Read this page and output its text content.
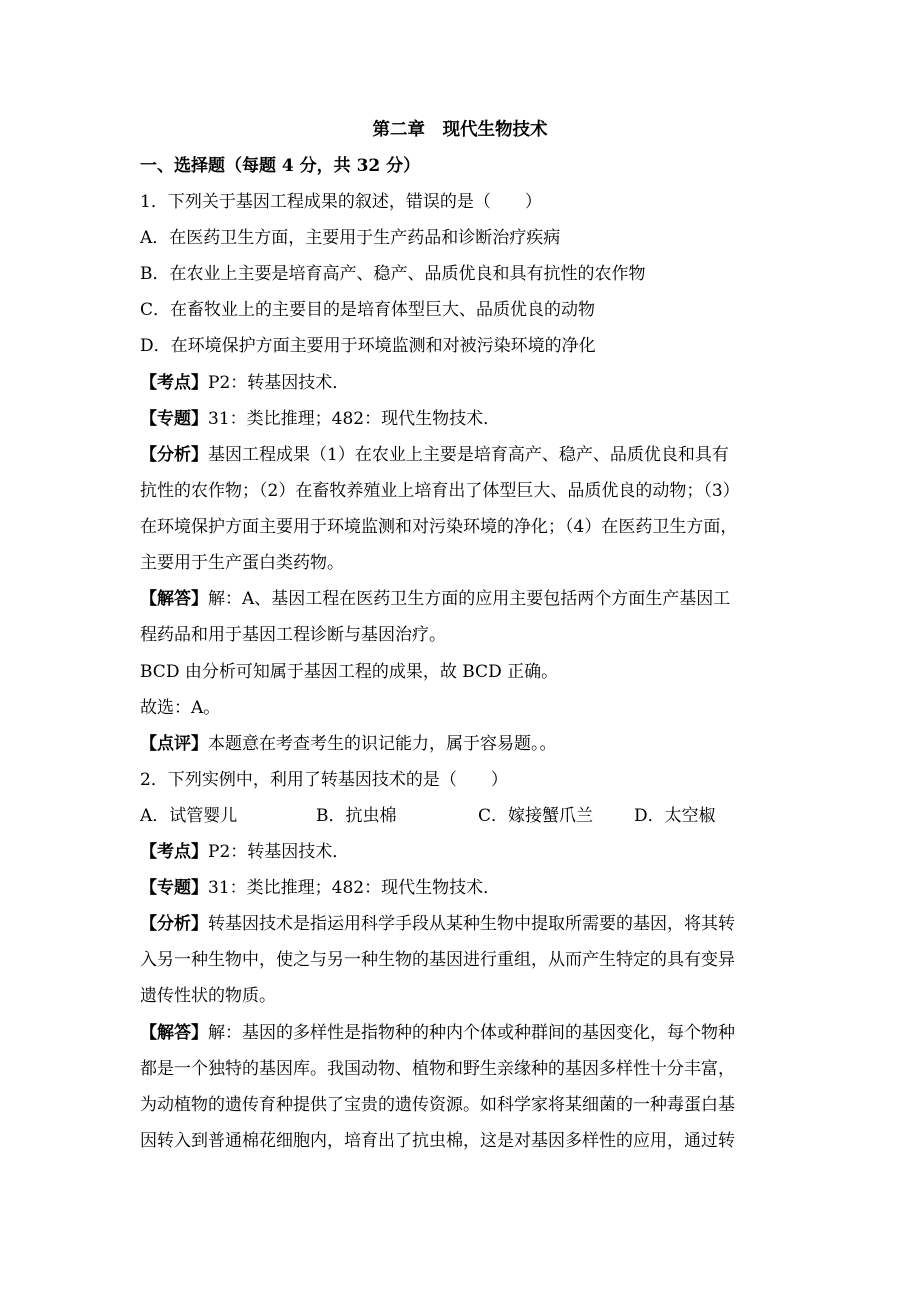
第二章　现代生物技术
一、选择题（每题 4 分，共 32 分）
1．下列关于基因工程成果的叙述，错误的是（　　）
A．在医药卫生方面，主要用于生产药品和诊断治疗疾病
B．在农业上主要是培育高产、稳产、品质优良和具有抗性的农作物
C．在畜牧业上的主要目的是培育体型巨大、品质优良的动物
D．在环境保护方面主要用于环境监测和对被污染环境的净化
【考点】P2：转基因技术．
【专题】31：类比推理；482：现代生物技术．
【分析】基因工程成果（1）在农业上主要是培育高产、稳产、品质优良和具有
抗性的农作物；（2）在畜牧养殖业上培育出了体型巨大、品质优良的动物；（3）
在环境保护方面主要用于环境监测和对污染环境的净化；（4）在医药卫生方面，
主要用于生产蛋白类药物。
【解答】解：A、基因工程在医药卫生方面的应用主要包括两个方面生产基因工
程药品和用于基因工程诊断与基因治疗。
BCD 由分析可知属于基因工程的成果，故 BCD 正确。
故选：A。
【点评】本题意在考查考生的识记能力，属于容易题。。
2．下列实例中，利用了转基因技术的是（　　）
A．试管婴儿	B．抗虫棉	C．嫁接蟹爪兰 D．太空椒
【考点】P2：转基因技术．
【专题】31：类比推理；482：现代生物技术．
【分析】转基因技术是指运用科学手段从某种生物中提取所需要的基因，将其转
入另一种生物中，使之与另一种生物的基因进行重组，从而产生特定的具有变异
遗传性状的物质。
【解答】解：基因的多样性是指物种的种内个体或种群间的基因变化，每个物种
都是一个独特的基因库。我国动物、植物和野生亲缘种的基因多样性十分丰富，
为动植物的遗传育种提供了宝贵的遗传资源。如科学家将某细菌的一种毒蛋白基
因转入到普通棉花细胞内，培育出了抗虫棉，这是对基因多样性的应用，通过转
